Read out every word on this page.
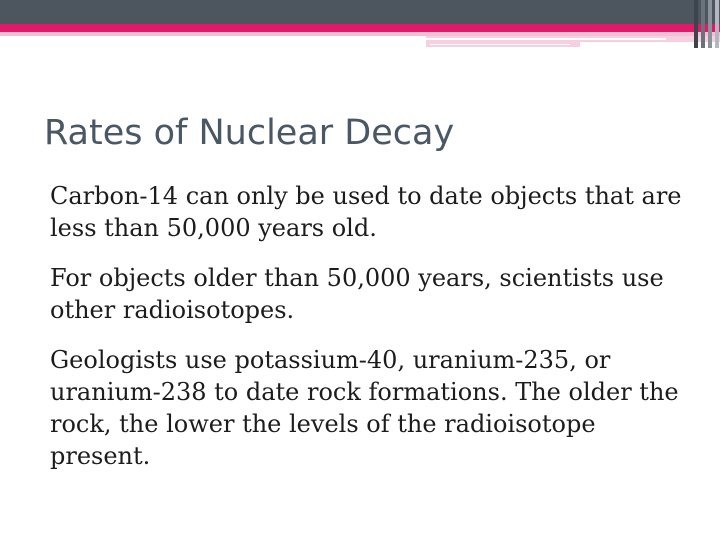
Rates of Nuclear Decay
Carbon-14 can only be used to date objects that are less than 50,000 years old.
For objects older than 50,000 years, scientists use other radioisotopes.
Geologists use potassium-40, uranium-235, or uranium-238 to date rock formations. The older the rock, the lower the levels of the radioisotope present.
